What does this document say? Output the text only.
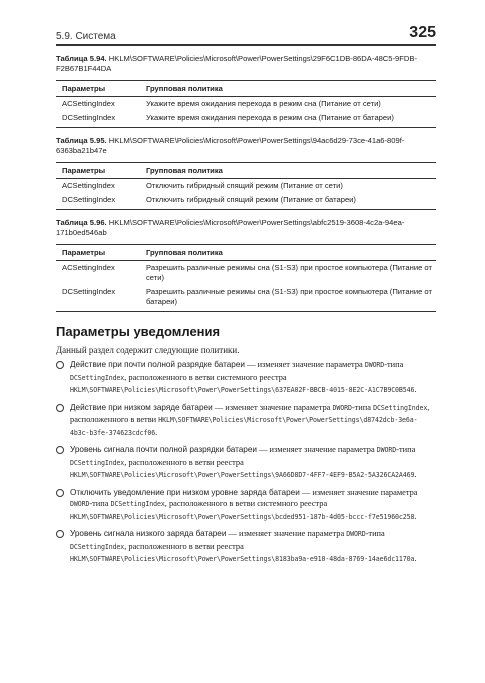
5.9. Система	325
Таблица 5.94. HKLM\SOFTWARE\Policies\Microsoft\Power\PowerSettings\29F6C1DB-86DA-48C5-9FDB-F2B67B1F44DA
Параметры	Групповая политика
ACSettingIndex	Укажите время ожидания перехода в режим сна (Питание от сети)
DCSettingIndex	Укажите время ожидания перехода в режим сна (Питание от батареи)
Таблица 5.95. HKLM\SOFTWARE\Policies\Microsoft\Power\PowerSettings\94ac6d29-73ce-41a6-809f-6363ba21b47e
Параметры	Групповая политика
ACSettingIndex	Отключить гибридный спящий режим (Питание от сети)
DCSettingIndex	Отключить гибридный спящий режим (Питание от батареи)
Таблица 5.96. HKLM\SOFTWARE\Policies\Microsoft\Power\PowerSettings\abfc2519-3608-4c2a-94ea-171b0ed546ab
Параметры	Групповая политика
ACSettingIndex	Разрешить различные режимы сна (S1-S3) при простое компьютера (Питание от сети)
DCSettingIndex	Разрешить различные режимы сна (S1-S3) при простое компьютера (Питание от батареи)
Параметры уведомления

Данный раздел содержит следующие политики.

Действие при почти полной разрядке батареи — изменяет значение параметра DWORD-типа DCSettingIndex, расположенного в ветви системного реестра HKLM\SOFTWARE\Policies\Microsoft\Power\PowerSettings\637EA02F-BBCB-4015-8E2C-A1C7B9C0B546.
Действие при низком заряде батареи — изменяет значение параметра DWORD-типа DCSettingIndex, расположенного в ветви HKLM\SOFTWARE\Policies\Microsoft\Power\PowerSettings\d8742dcb-3e6a-4b3c-b3fe-374623cdcf06.
Уровень сигнала почти полной разрядки батареи — изменяет значение параметра DWORD-типа DCSettingIndex, расположенного в ветви реестра HKLM\SOFTWARE\Policies\Microsoft\Power\PowerSettings\9A66D8D7-4FF7-4EF9-B5A2-5A326CA2A469.
Отключить уведомление при низком уровне заряда батареи — изменяет значение параметра DWORD-типа DCSettingIndex, расположенного в ветви системного реестра HKLM\SOFTWARE\Policies\Microsoft\Power\PowerSettings\bcded951-187b-4d05-bccc-f7e51960c258.
Уровень сигнала низкого заряда батареи — изменяет значение параметра DWORD-типа DCSettingIndex, расположенного в ветви реестра HKLM\SOFTWARE\Policies\Microsoft\Power\PowerSettings\8183ba9a-e910-48da-8769-14ae6dc1170a.
